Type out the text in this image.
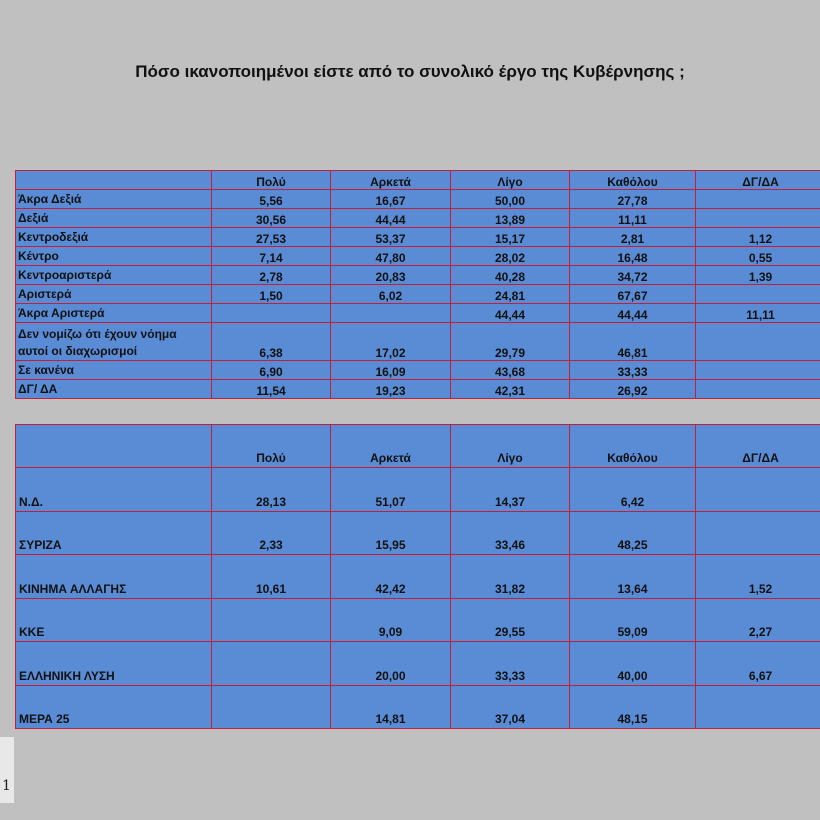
Πόσο ικανοποιημένοι είστε από το συνολικό έργο της Κυβέρνησης ;
	Πολύ	Αρκετά	Λίγο	Καθόλου	ΔΓ/ΔΑ
Άκρα Δεξιά	5,56	16,67	50,00	27,78	
Δεξιά	30,56	44,44	13,89	11,11	
Κεντροδεξιά	27,53	53,37	15,17	2,81	1,12
Κέντρο	7,14	47,80	28,02	16,48	0,55
Κεντροαριστερά	2,78	20,83	40,28	34,72	1,39
Αριστερά	1,50	6,02	24,81	67,67	
Άκρα Αριστερά			44,44	44,44	11,11
Δεν νομίζω ότι έχουν νόημα αυτοί οι διαχωρισμοί	6,38	17,02	29,79	46,81	
Σε κανένα	6,90	16,09	43,68	33,33	
ΔΓ/ ΔΑ	11,54	19,23	42,31	26,92	
	Πολύ	Αρκετά	Λίγο	Καθόλου	ΔΓ/ΔΑ
Ν.Δ.	28,13	51,07	14,37	6,42	
ΣΥΡΙΖΑ	2,33	15,95	33,46	48,25	
ΚΙΝΗΜΑ ΑΛΛΑΓΗΣ	10,61	42,42	31,82	13,64	1,52
ΚΚΕ		9,09	29,55	59,09	2,27
ΕΛΛΗΝΙΚΗ ΛΥΣΗ		20,00	33,33	40,00	6,67
ΜΕΡΑ 25		14,81	37,04	48,15	
1
